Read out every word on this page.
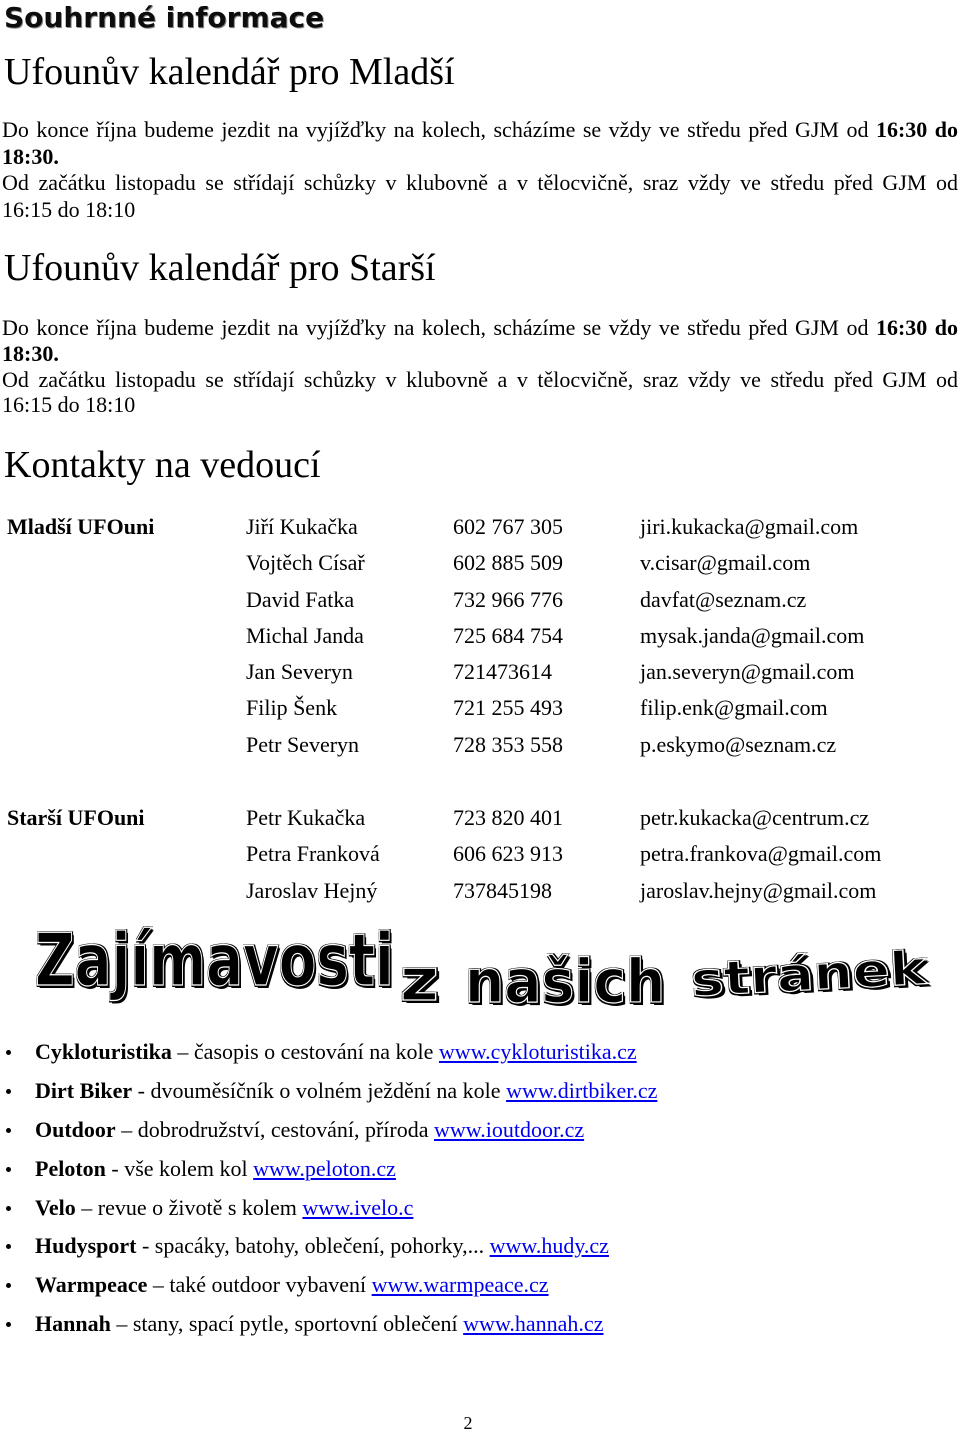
Souhrnné informace
Ufounův kalendář pro Mladší
Do konce října budeme jezdit na vyjížďky na kolech, scházíme se vždy ve středu před GJM od 16:30 do
18:30.
Od začátku listopadu se střídají schůzky v klubovně a v tělocvičně, sraz vždy ve středu před GJM od
16:15 do 18:10
Ufounův kalendář pro Starší
Do konce října budeme jezdit na vyjížďky na kolech, scházíme se vždy ve středu před GJM od 16:30 do
18:30.
Od začátku listopadu se střídají schůzky v klubovně a v tělocvičně, sraz vždy ve středu před GJM od
16:15 do 18:10
Kontakty na vedoucí
Mladší UFOuni	Jiří Kukačka	602 767 305	jiri.kukacka@gmail.com
Vojtěch Císař	602 885 509	v.cisar@gmail.com
David Fatka	732 966 776	davfat@seznam.cz
Michal Janda	725 684 754	mysak.janda@gmail.com
Jan Severyn	721473614	jan.severyn@gmail.com
Filip Šenk	721 255 493	filip.enk@gmail.com
Petr Severyn	728 353 558	p.eskymo@seznam.cz
Starší UFOuni	Petr Kukačka	723 820 401	petr.kukacka@centrum.cz
Petra Franková	606 623 913	petra.frankova@gmail.com
Jaroslav Hejný	737845198	jaroslav.hejny@gmail.com
Zajímavosti z našich stránek
Cykloturistika – časopis o cestování na kole www.cykloturistika.cz
Dirt Biker - dvouměsíčník o volném ježdění na kole www.dirtbiker.cz
Outdoor – dobrodružství, cestování, příroda www.ioutdoor.cz
Peloton - vše kolem kol www.peloton.cz
Velo – revue o životě s kolem www.ivelo.c
Hudysport - spacáky, batohy, oblečení, pohorky,... www.hudy.cz
Warmpeace – také outdoor vybavení www.warmpeace.cz
Hannah – stany, spací pytle, sportovní oblečení www.hannah.cz
2
